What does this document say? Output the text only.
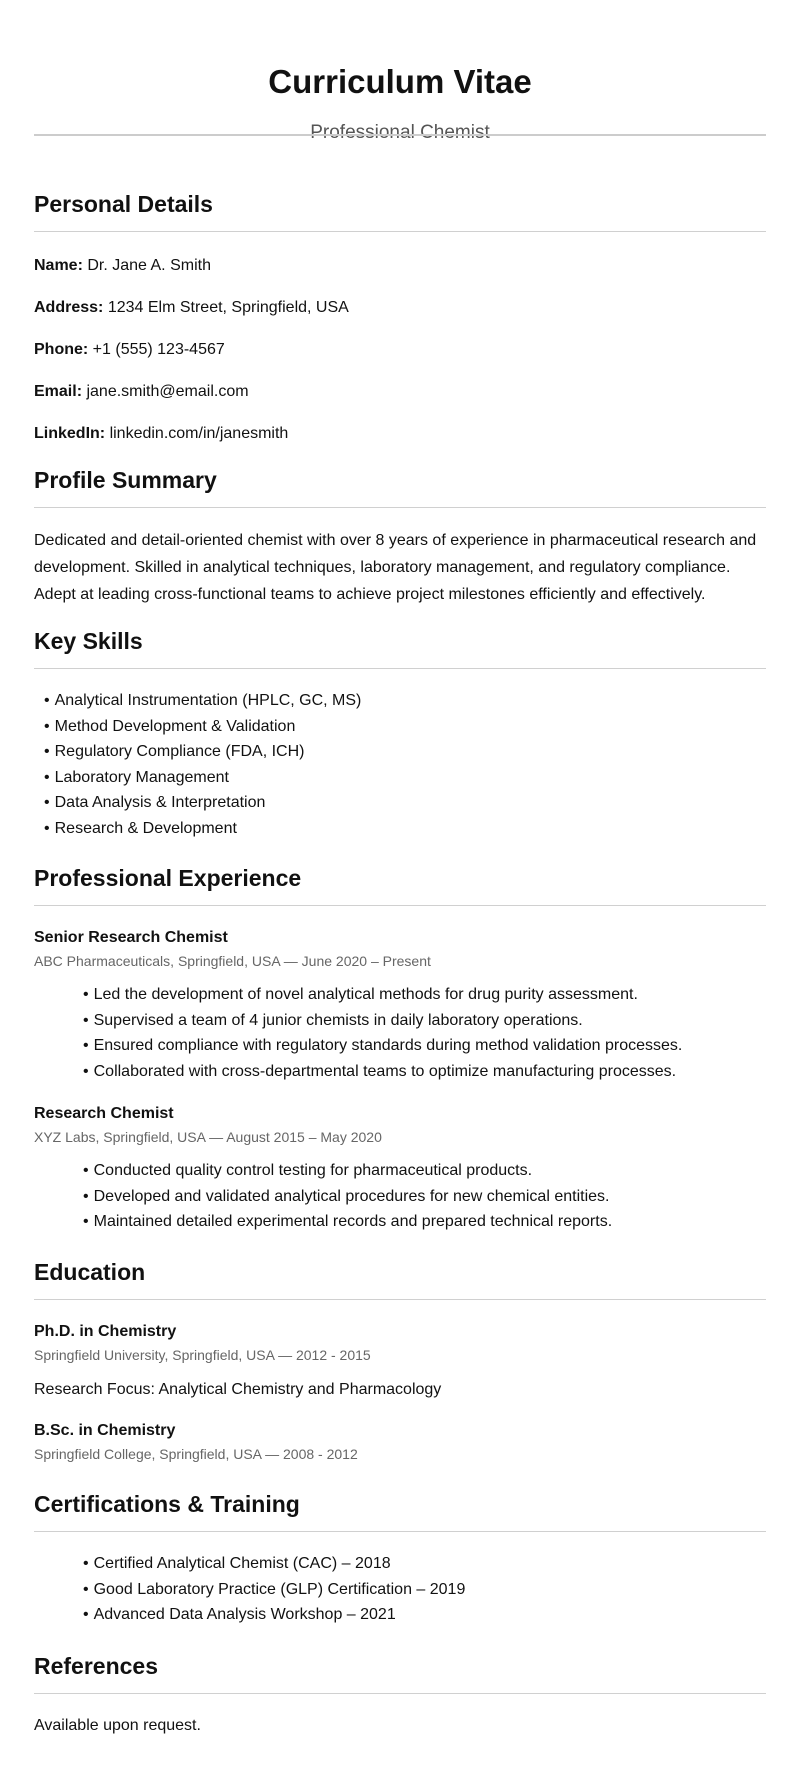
Curriculum Vitae
Professional Chemist
Personal Details

Name: Dr. Jane A. Smith

Address: 1234 Elm Street, Springfield, USA

Phone: +1 (555) 123-4567

Email: jane.smith@email.com

LinkedIn: linkedin.com/in/janesmith

Profile Summary

Dedicated and detail-oriented chemist with over 8 years of experience in pharmaceutical research and development. Skilled in analytical techniques, laboratory management, and regulatory compliance. Adept at leading cross-functional teams to achieve project milestones efficiently and effectively.

Key Skills
• Analytical Instrumentation (HPLC, GC, MS)
• Method Development & Validation
• Regulatory Compliance (FDA, ICH)
• Laboratory Management
• Data Analysis & Interpretation
• Research & Development
Professional Experience

Senior Research Chemist

ABC Pharmaceuticals, Springfield, USA — June 2020 – Present

• Led the development of novel analytical methods for drug purity assessment.
• Supervised a team of 4 junior chemists in daily laboratory operations.
• Ensured compliance with regulatory standards during method validation processes.
• Collaborated with cross-departmental teams to optimize manufacturing processes.

Research Chemist

XYZ Labs, Springfield, USA — August 2015 – May 2020

• Conducted quality control testing for pharmaceutical products.
• Developed and validated analytical procedures for new chemical entities.
• Maintained detailed experimental records and prepared technical reports.
Education

Ph.D. in Chemistry

Springfield University, Springfield, USA — 2012 - 2015

Research Focus: Analytical Chemistry and Pharmacology

B.Sc. in Chemistry

Springfield College, Springfield, USA — 2008 - 2012

Certifications & Training
• Certified Analytical Chemist (CAC) – 2018
• Good Laboratory Practice (GLP) Certification – 2019
• Advanced Data Analysis Workshop – 2021
References

Available upon request.
